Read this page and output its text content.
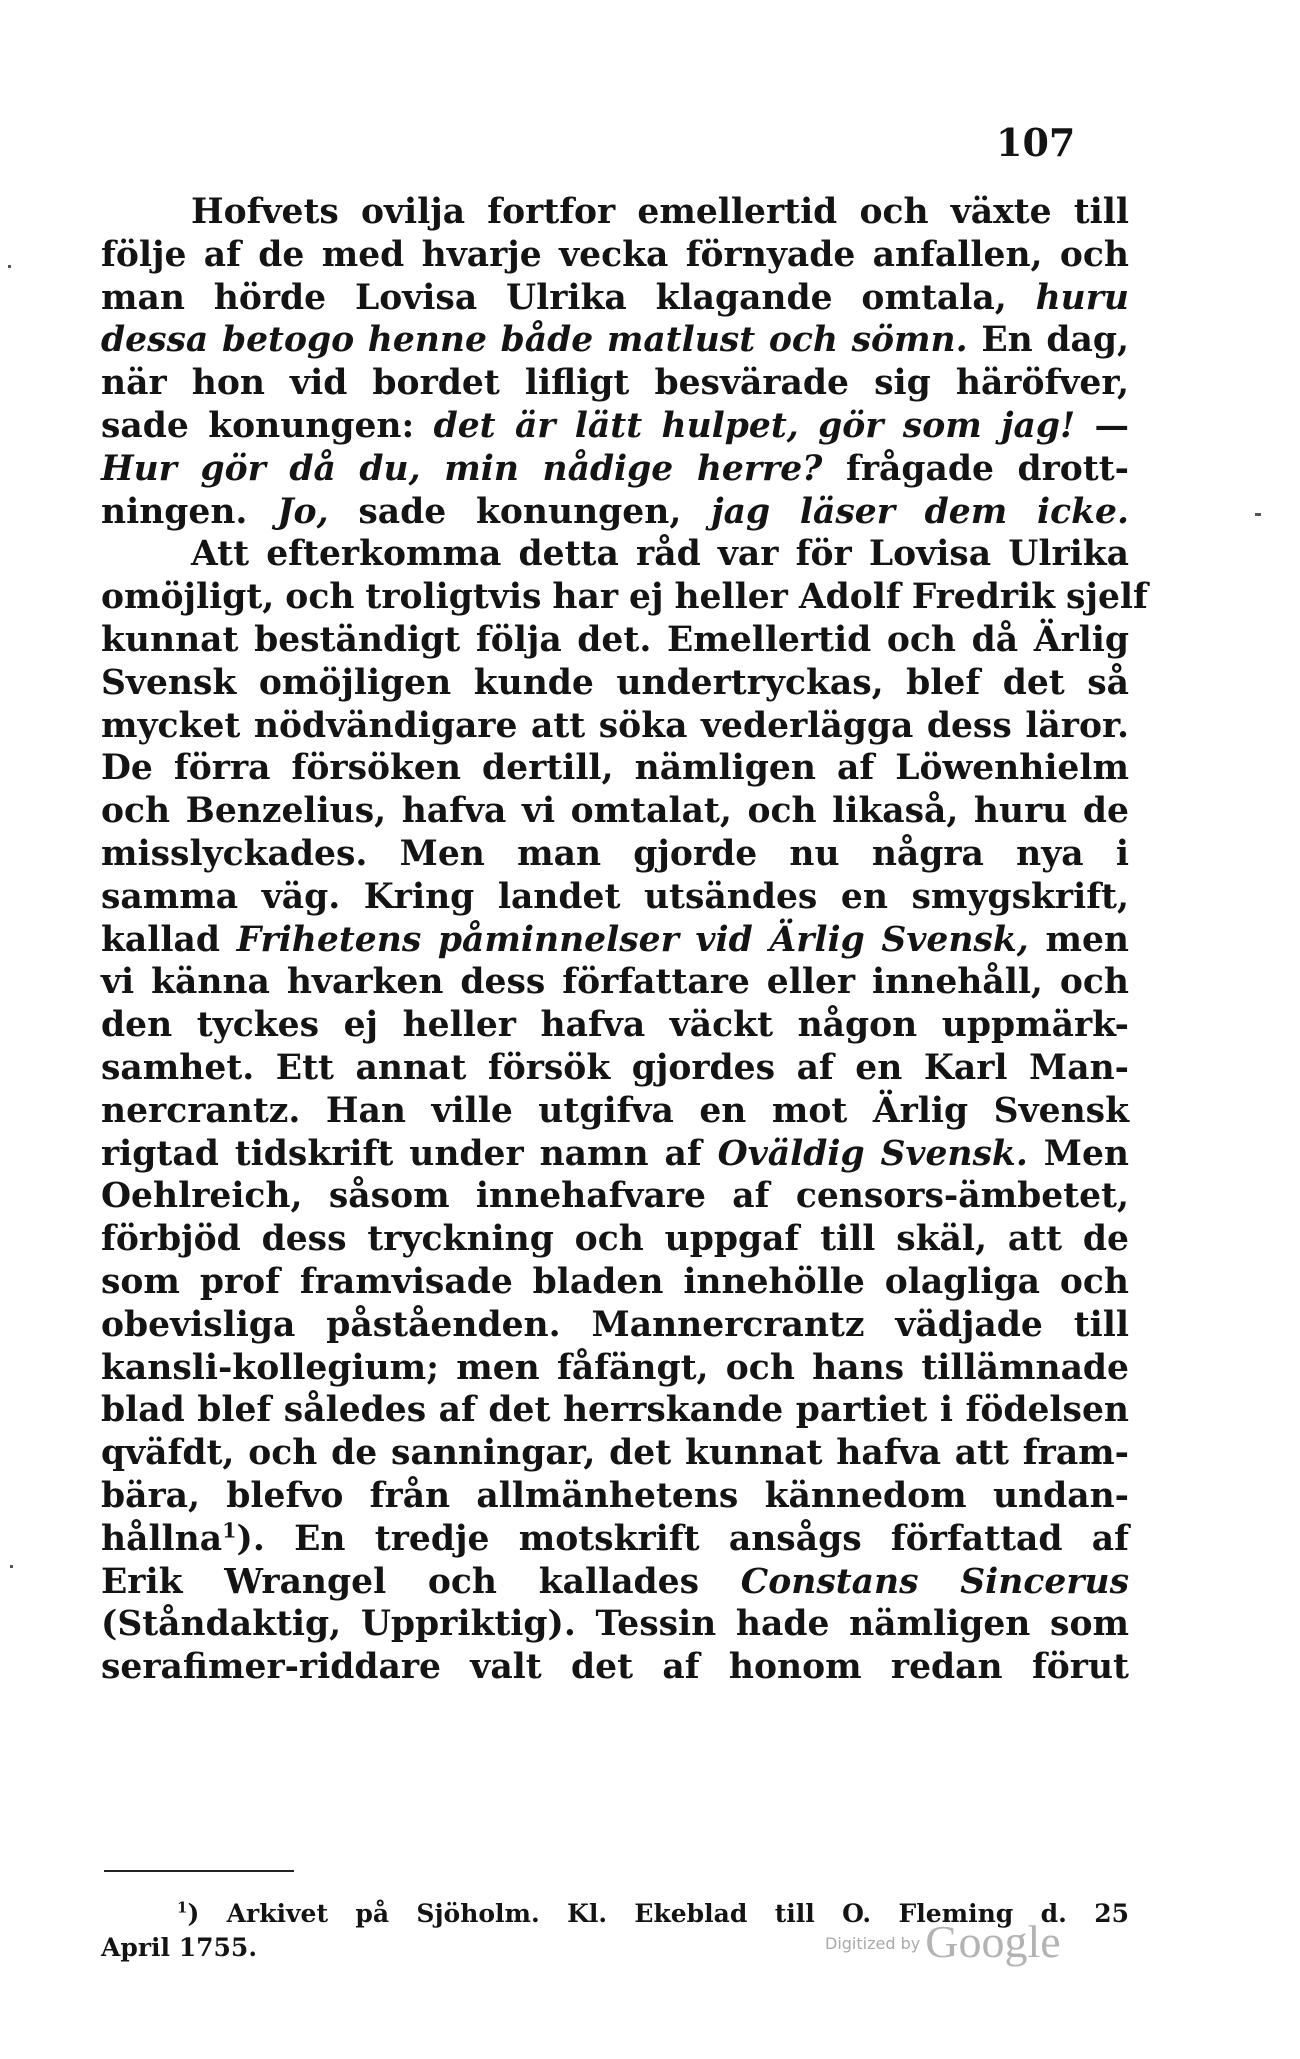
107
Hofvets ovilja fortfor emellertid och växte till
följe af de med hvarje vecka förnyade anfallen, och
man hörde Lovisa Ulrika klagande omtala, huru
dessa betogo henne både matlust och sömn. En dag,
när hon vid bordet lifligt besvärade sig häröfver,
sade konungen: det är lätt hulpet, gör som jag! —
Hur gör då du, min nådige herre? frågade drott-
ningen. Jo, sade konungen, jag läser dem icke.
Att efterkomma detta råd var för Lovisa Ulrika
omöjligt, och troligtvis har ej heller Adolf Fredrik sjelf
kunnat beständigt följa det. Emellertid och då Ärlig
Svensk omöjligen kunde undertryckas, blef det så
mycket nödvändigare att söka vederlägga dess läror.
De förra försöken dertill, nämligen af Löwenhielm
och Benzelius, hafva vi omtalat, och likaså, huru de
misslyckades. Men man gjorde nu några nya i
samma väg. Kring landet utsändes en smygskrift,
kallad Frihetens påminnelser vid Ärlig Svensk, men
vi känna hvarken dess författare eller innehåll, och
den tyckes ej heller hafva väckt någon uppmärk-
samhet. Ett annat försök gjordes af en Karl Man-
nercrantz. Han ville utgifva en mot Ärlig Svensk
rigtad tidskrift under namn af Oväldig Svensk. Men
Oehlreich, såsom innehafvare af censors-ämbetet,
förbjöd dess tryckning och uppgaf till skäl, att de
som prof framvisade bladen innehölle olagliga och
obevisliga påståenden. Mannercrantz vädjade till
kansli-kollegium; men fåfängt, och hans tillämnade
blad blef således af det herrskande partiet i födelsen
qväfdt, och de sanningar, det kunnat hafva att fram-
bära, blefvo från allmänhetens kännedom undan-
hållna$^1$). En tredje motskrift ansågs författad af
Erik Wrangel och kallades Constans Sincerus
(Ståndaktig, Uppriktig). Tessin hade nämligen som
serafimer-riddare valt det af honom redan förut
$^1$) Arkivet på Sjöholm. Kl. Ekeblad till O. Fleming d. 25
April 1755.	Digitized by Google
